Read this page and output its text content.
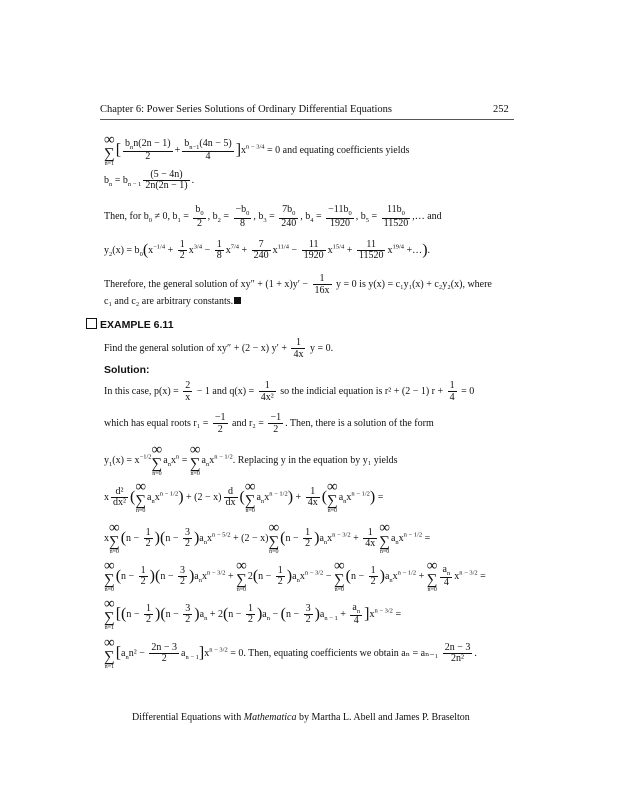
Chapter 6: Power Series Solutions of Ordinary Differential Equations	252
∞
∑
n=1
[ $\frac{b_nn(2n - 1)}{2} + \frac{b_{n-1}(4n - 5)}{4} ]x^{n - 3/4} = 0$ and equating coefficients yields
$b_n = b_{n - 1} \frac{(5 - 4n)}{2n(2n - 1)}$ .
Then, for $b_0 \ne 0$, $b_1 = \frac{b_0}{2}$ , $b_2 = \frac{-b_0}{8}$ , $b_3 = \frac{7b_0}{240}$ , $b_4 = \frac{-11b_0}{1920}$ , $b_5 = \frac{11b_0}{11520}$ ,… and
$y_2(x) = b_0(x^{-1/4} + \frac{1}{2} x^{3/4} - \frac{1}{8} x^{7/4} + \frac{7}{240} x^{11/4} - \frac{11}{1920} x^{15/4} + \frac{11}{11520} x^{19/4}$ +…).
Therefore, the general solution of $xy'' + (1 + x)y' - \frac{1}{16x}$ y = 0 is y(x) = c₁y₁(x) + c₂y₂(x), where
c₁ and c₂ are arbitrary constants.
EXAMPLE 6.11
Find the general solution of xy″ + (2 − x) $y' + \frac{1}{4x}$ y = 0.
Solution:
In this case, $p(x) = \frac{2}{x} - 1$ and $q(x) = \frac{1}{\text{4x²}}$ so the indicial equation is r² + (2 − 1) $r + \frac{1}{4} = 0$
which has equal roots $r_1 = \frac{-1}{2}$ and $r_2 = \frac{-1}{2}$ . Then, there is a solution of the form
$y_1(x) = x^{-1/2}\infty$
∑
n=0
$a_nx^n$ = ∞
∑
n=0
$a_nx^{n - 1/2}$. Replacing y in the equation by y₁ yields
x $\frac{\text{d²}}{\text{dx²}}$ (∞
∑
n=0
$a_nx^{n - 1/2}) + (2 - x) \frac{d}{dx}$ (∞
∑
n=0
$a_nx^{n - 1/2}) + \frac{1}{4x}$ (∞
∑
n=0
$a_nx^{n - 1/2}$) =
x∞
∑
n=0
$(n - \frac{1}{2} )(n - \frac{3}{2} )a_nx^{n - 5/2} + (2 - x)\infty$
∑
n=0
$(n - \frac{1}{2} )a_nx^{n - 3/2} + \frac{1}{4x}$ ∞
∑
n=0
$a_nx^{n - 1/2}$ =
∞
∑
n=0
$(n - \frac{1}{2} )(n - \frac{3}{2} )a_nx^{n - 3/2}$ + ∞
∑
n=0
$2(n - \frac{1}{2} )a_nx^{n - 3/2}$ − ∞
∑
n=0
$(n - \frac{1}{2} )a_nx^{n - 1/2}$ + ∞
∑
n=0
$\frac{a_n}{4} x^{n - 3/2}$ =
∞
∑
n=1
$[(n - \frac{1}{2} )(n - \frac{3}{2} )a_n + 2(n - \frac{1}{2} )a_n - (n - \frac{3}{2} )a_{n - 1} + \frac{a_n}{4} ]x^{n - 3/2}$ =
∞
∑
n=1
$[a_nn^2 - \frac{2n - 3}{2} a_{n - 1}]x^{n - 3/2} = 0$. Then, equating coefficients we obtain $a_n = a_{n-1} \frac{2n - 3}{\text{2n²}}$ .
Differential Equations with Mathematica by Martha L. Abell and James P. Braselton
